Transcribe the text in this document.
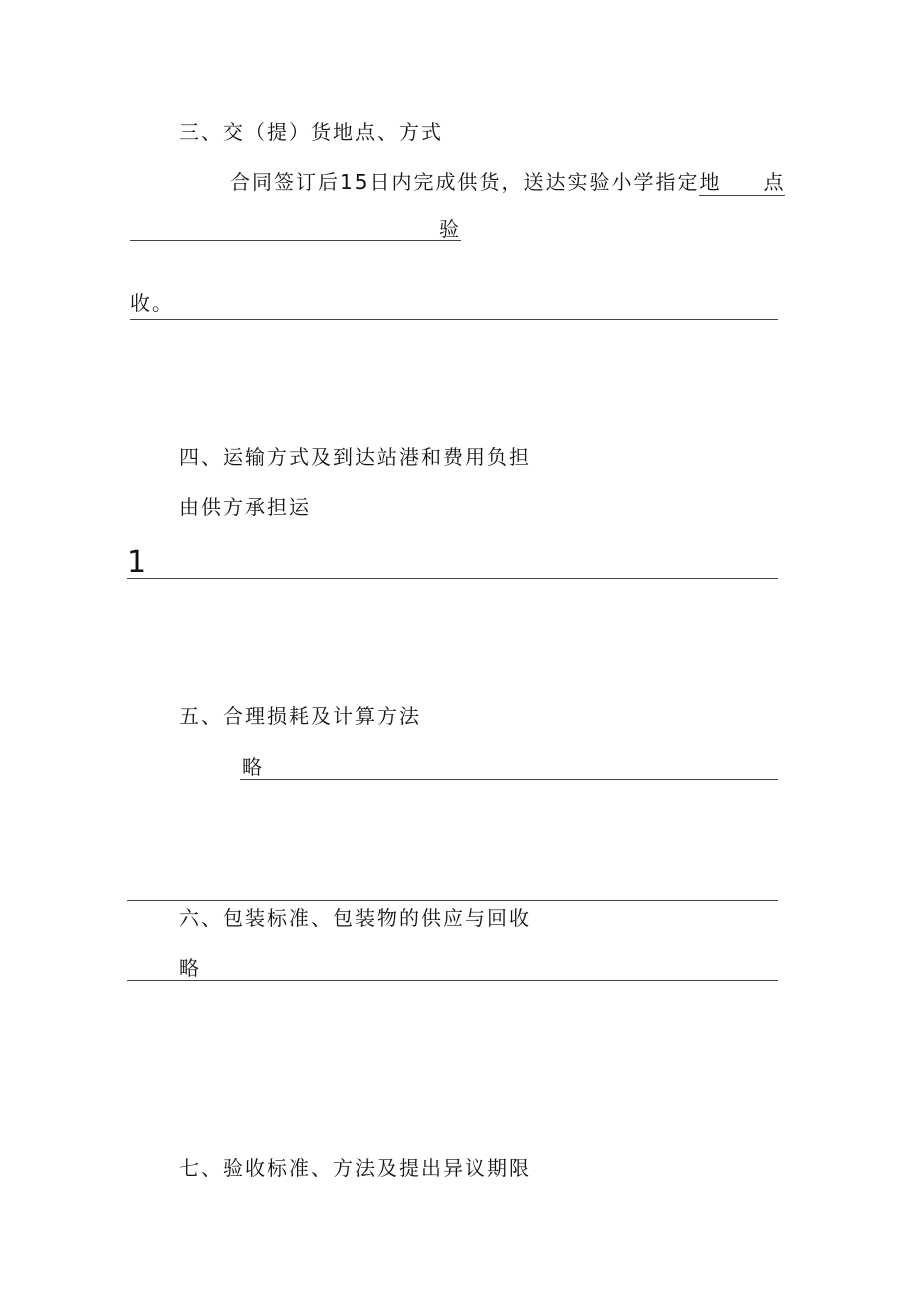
三、交（提）货地点、方式
合同签订后15日内完成供货，送达实验小学指定地 点
验
收。
四、运输方式及到达站港和费用负担
由供方承担运
1
五、合理损耗及计算方法
略
六、包装标准、包装物的供应与回收
略
七、验收标准、方法及提出异议期限
